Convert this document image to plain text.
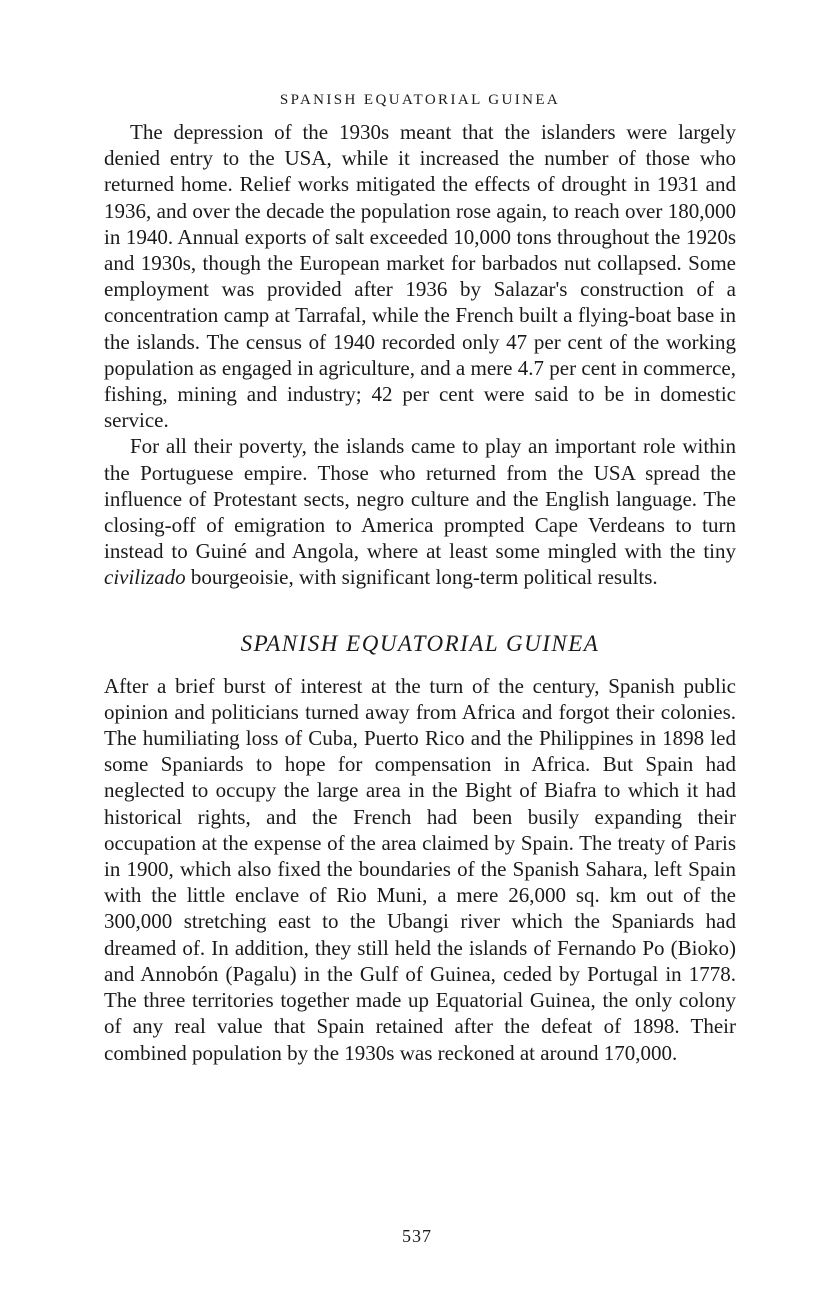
SPANISH EQUATORIAL GUINEA

The depression of the 1930s meant that the islanders were largely denied entry to the USA, while it increased the number of those who returned home. Relief works mitigated the effects of drought in 1931 and 1936, and over the decade the population rose again, to reach over 180,000 in 1940. Annual exports of salt exceeded 10,000 tons throughout the 1920s and 1930s, though the European market for barbados nut collapsed. Some employment was provided after 1936 by Salazar's construction of a concentration camp at Tarrafal, while the French built a flying-boat base in the islands. The census of 1940 recorded only 47 per cent of the working population as engaged in agriculture, and a mere 4.7 per cent in commerce, fishing, mining and industry; 42 per cent were said to be in domestic service.

For all their poverty, the islands came to play an important role within the Portuguese empire. Those who returned from the USA spread the influence of Protestant sects, negro culture and the English language. The closing-off of emigration to America prompted Cape Verdeans to turn instead to Guiné and Angola, where at least some mingled with the tiny civilizado bourgeoisie, with significant long-term political results.

SPANISH EQUATORIAL GUINEA

After a brief burst of interest at the turn of the century, Spanish public opinion and politicians turned away from Africa and forgot their colonies. The humiliating loss of Cuba, Puerto Rico and the Philippines in 1898 led some Spaniards to hope for compensation in Africa. But Spain had neglected to occupy the large area in the Bight of Biafra to which it had historical rights, and the French had been busily expanding their occupation at the expense of the area claimed by Spain. The treaty of Paris in 1900, which also fixed the boundaries of the Spanish Sahara, left Spain with the little enclave of Rio Muni, a mere 26,000 sq. km out of the 300,000 stretching east to the Ubangi river which the Spaniards had dreamed of. In addition, they still held the islands of Fernando Po (Bioko) and Annobón (Pagalu) in the Gulf of Guinea, ceded by Portugal in 1778. The three territories together made up Equatorial Guinea, the only colony of any real value that Spain retained after the defeat of 1898. Their combined population by the 1930s was reckoned at around 170,000.

537
